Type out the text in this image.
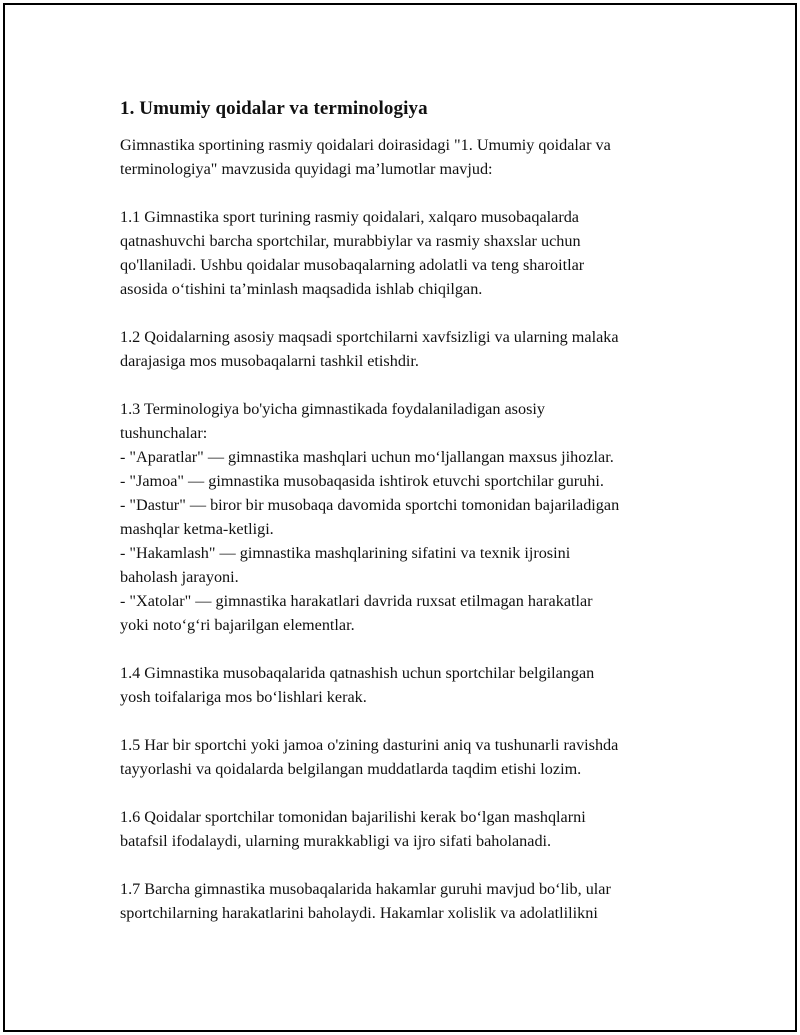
1. Umumiy qoidalar va terminologiya
Gimnastika sportining rasmiy qoidalari doirasidagi "1. Umumiy qoidalar va
terminologiya" mavzusida quyidagi ma’lumotlar mavjud:
1.1 Gimnastika sport turining rasmiy qoidalari, xalqaro musobaqalarda
qatnashuvchi barcha sportchilar, murabbiylar va rasmiy shaxslar uchun
qo'llaniladi. Ushbu qoidalar musobaqalarning adolatli va teng sharoitlar
asosida o‘tishini ta’minlash maqsadida ishlab chiqilgan.
1.2 Qoidalarning asosiy maqsadi sportchilarni xavfsizligi va ularning malaka
darajasiga mos musobaqalarni tashkil etishdir.
1.3 Terminologiya bo'yicha gimnastikada foydalaniladigan asosiy
tushunchalar:
- "Aparatlar" — gimnastika mashqlari uchun mo‘ljallangan maxsus jihozlar.
- "Jamoa" — gimnastika musobaqasida ishtirok etuvchi sportchilar guruhi.
- "Dastur" — biror bir musobaqa davomida sportchi tomonidan bajariladigan
mashqlar ketma-ketligi.
- "Hakamlash" — gimnastika mashqlarining sifatini va texnik ijrosini
baholash jarayoni.
- "Xatolar" — gimnastika harakatlari davrida ruxsat etilmagan harakatlar
yoki noto‘g‘ri bajarilgan elementlar.
1.4 Gimnastika musobaqalarida qatnashish uchun sportchilar belgilangan
yosh toifalariga mos bo‘lishlari kerak.
1.5 Har bir sportchi yoki jamoa o'zining dasturini aniq va tushunarli ravishda
tayyorlashi va qoidalarda belgilangan muddatlarda taqdim etishi lozim.
1.6 Qoidalar sportchilar tomonidan bajarilishi kerak bo‘lgan mashqlarni
batafsil ifodalaydi, ularning murakkabligi va ijro sifati baholanadi.
1.7 Barcha gimnastika musobaqalarida hakamlar guruhi mavjud bo‘lib, ular
sportchilarning harakatlarini baholaydi. Hakamlar xolislik va adolatlilikni
